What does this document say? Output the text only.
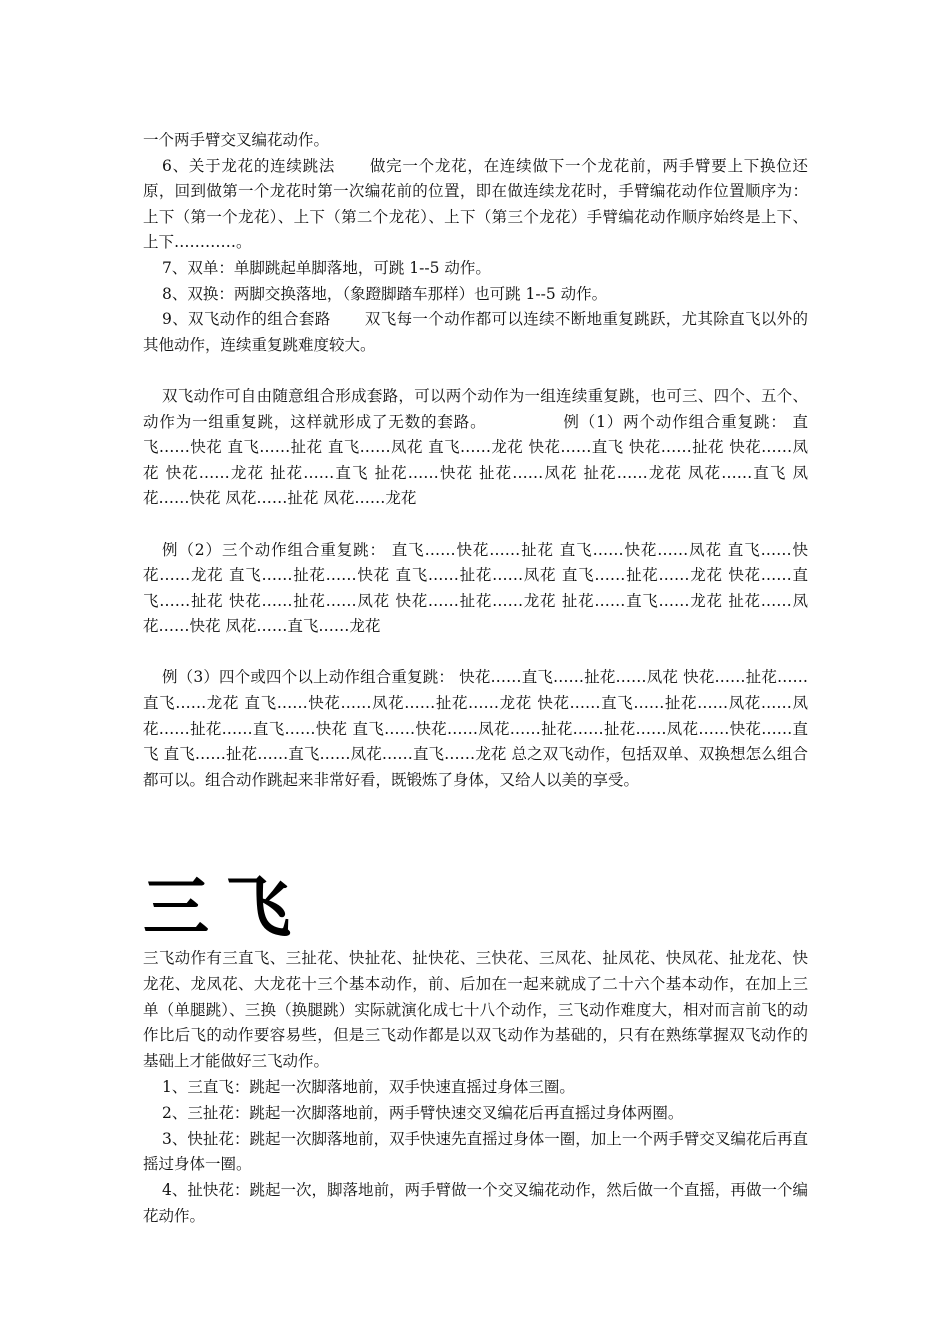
一个两手臂交叉编花动作。

6、关于龙花的连续跳法 做完一个龙花，在连续做下一个龙花前，两手臂要上下换位还原，回到做第一个龙花时第一次编花前的位置，即在做连续龙花时，手臂编花动作位置顺序为：上下（第一个龙花）、上下（第二个龙花）、上下（第三个龙花）手臂编花动作顺序始终是上下、上下…………。

7、双单：单脚跳起单脚落地，可跳 1--5 动作。

8、双换：两脚交换落地，（象蹬脚踏车那样）也可跳 1--5 动作。

9、双飞动作的组合套路 双飞每一个动作都可以连续不断地重复跳跃，尤其除直飞以外的其他动作，连续重复跳难度较大。

双飞动作可自由随意组合形成套路，可以两个动作为一组连续重复跳，也可三、四个、五个、动作为一组重复跳，这样就形成了无数的套路。	例（1）两个动作组合重复跳： 直飞……快花 直飞……扯花 直飞……凤花 直飞……龙花 快花……直飞 快花……扯花 快花……凤花 快花……龙花 扯花……直飞 扯花……快花 扯花……凤花 扯花……龙花 凤花……直飞 凤花……快花 凤花……扯花 凤花……龙花

例（2）三个动作组合重复跳： 直飞……快花……扯花 直飞……快花……凤花 直飞……快花……龙花 直飞……扯花……快花 直飞……扯花……凤花 直飞……扯花……龙花 快花……直飞……扯花 快花……扯花……凤花 快花……扯花……龙花 扯花……直飞……龙花 扯花……凤花……快花 凤花……直飞……龙花

例（3）四个或四个以上动作组合重复跳： 快花……直飞……扯花……凤花 快花……扯花……直飞……龙花 直飞……快花……凤花……扯花……龙花 快花……直飞……扯花……凤花……凤花……扯花……直飞……快花 直飞……快花……凤花……扯花……扯花……凤花……快花……直飞 直飞……扯花……直飞……凤花……直飞……龙花 总之双飞动作，包括双单、双换想怎么组合都可以。组合动作跳起来非常好看，既锻炼了身体，又给人以美的享受。

三飞

三飞动作有三直飞、三扯花、快扯花、扯快花、三快花、三凤花、扯凤花、快凤花、扯龙花、快龙花、龙凤花、大龙花十三个基本动作，前、后加在一起来就成了二十六个基本动作，在加上三单（单腿跳）、三换（换腿跳）实际就演化成七十八个动作，三飞动作难度大，相对而言前飞的动作比后飞的动作要容易些，但是三飞动作都是以双飞动作为基础的，只有在熟练掌握双飞动作的基础上才能做好三飞动作。

1、三直飞：跳起一次脚落地前，双手快速直摇过身体三圈。

2、三扯花：跳起一次脚落地前，两手臂快速交叉编花后再直摇过身体两圈。

3、快扯花：跳起一次脚落地前，双手快速先直摇过身体一圈，加上一个两手臂交叉编花后再直摇过身体一圈。

4、扯快花：跳起一次，脚落地前，两手臂做一个交叉编花动作，然后做一个直摇，再做一个编花动作。
